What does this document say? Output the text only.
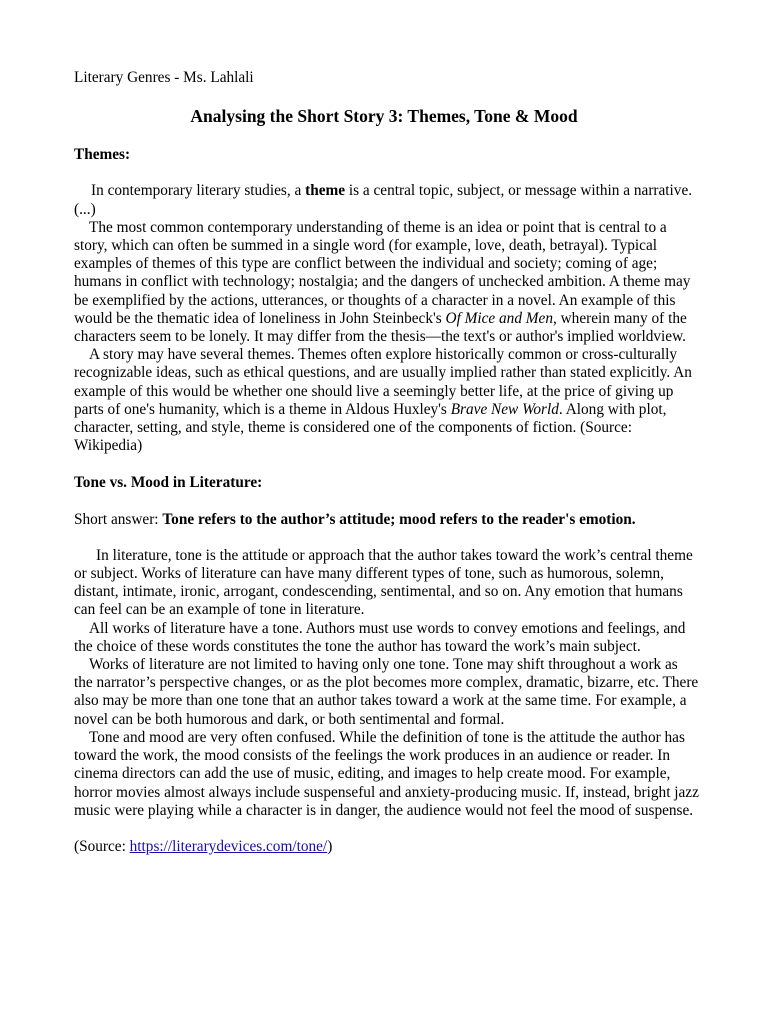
Literary Genres - Ms. Lahlali

Analysing the Short Story 3: Themes, Tone & Mood

Themes:

In contemporary literary studies, a theme is a central topic, subject, or message within a narrative.(...)

The most common contemporary understanding of theme is an idea or point that is central to a story, which can often be summed in a single word (for example, love, death, betrayal). Typical examples of themes of this type are conflict between the individual and society; coming of age; humans in conflict with technology; nostalgia; and the dangers of unchecked ambition. A theme may be exemplified by the actions, utterances, or thoughts of a character in a novel. An example of this would be the thematic idea of loneliness in John Steinbeck's Of Mice and Men, wherein many of the characters seem to be lonely. It may differ from the thesis—the text's or author's implied worldview.

A story may have several themes. Themes often explore historically common or cross-culturally recognizable ideas, such as ethical questions, and are usually implied rather than stated explicitly. An example of this would be whether one should live a seemingly better life, at the price of giving up parts of one's humanity, which is a theme in Aldous Huxley's Brave New World. Along with plot, character, setting, and style, theme is considered one of the components of fiction. (Source: Wikipedia)

Tone vs. Mood in Literature:

Short answer: Tone refers to the author’s attitude; mood refers to the reader's emotion.

In literature, tone is the attitude or approach that the author takes toward the work’s central theme or subject. Works of literature can have many different types of tone, such as humorous, solemn, distant, intimate, ironic, arrogant, condescending, sentimental, and so on. Any emotion that humans can feel can be an example of tone in literature.

All works of literature have a tone. Authors must use words to convey emotions and feelings, and the choice of these words constitutes the tone the author has toward the work’s main subject.

Works of literature are not limited to having only one tone. Tone may shift throughout a work as the narrator’s perspective changes, or as the plot becomes more complex, dramatic, bizarre, etc. There also may be more than one tone that an author takes toward a work at the same time. For example, a novel can be both humorous and dark, or both sentimental and formal.

Tone and mood are very often confused. While the definition of tone is the attitude the author has toward the work, the mood consists of the feelings the work produces in an audience or reader. In cinema directors can add the use of music, editing, and images to help create mood. For example, horror movies almost always include suspenseful and anxiety-producing music. If, instead, bright jazz music were playing while a character is in danger, the audience would not feel the mood of suspense.

(Source: https://literarydevices.com/tone/)
